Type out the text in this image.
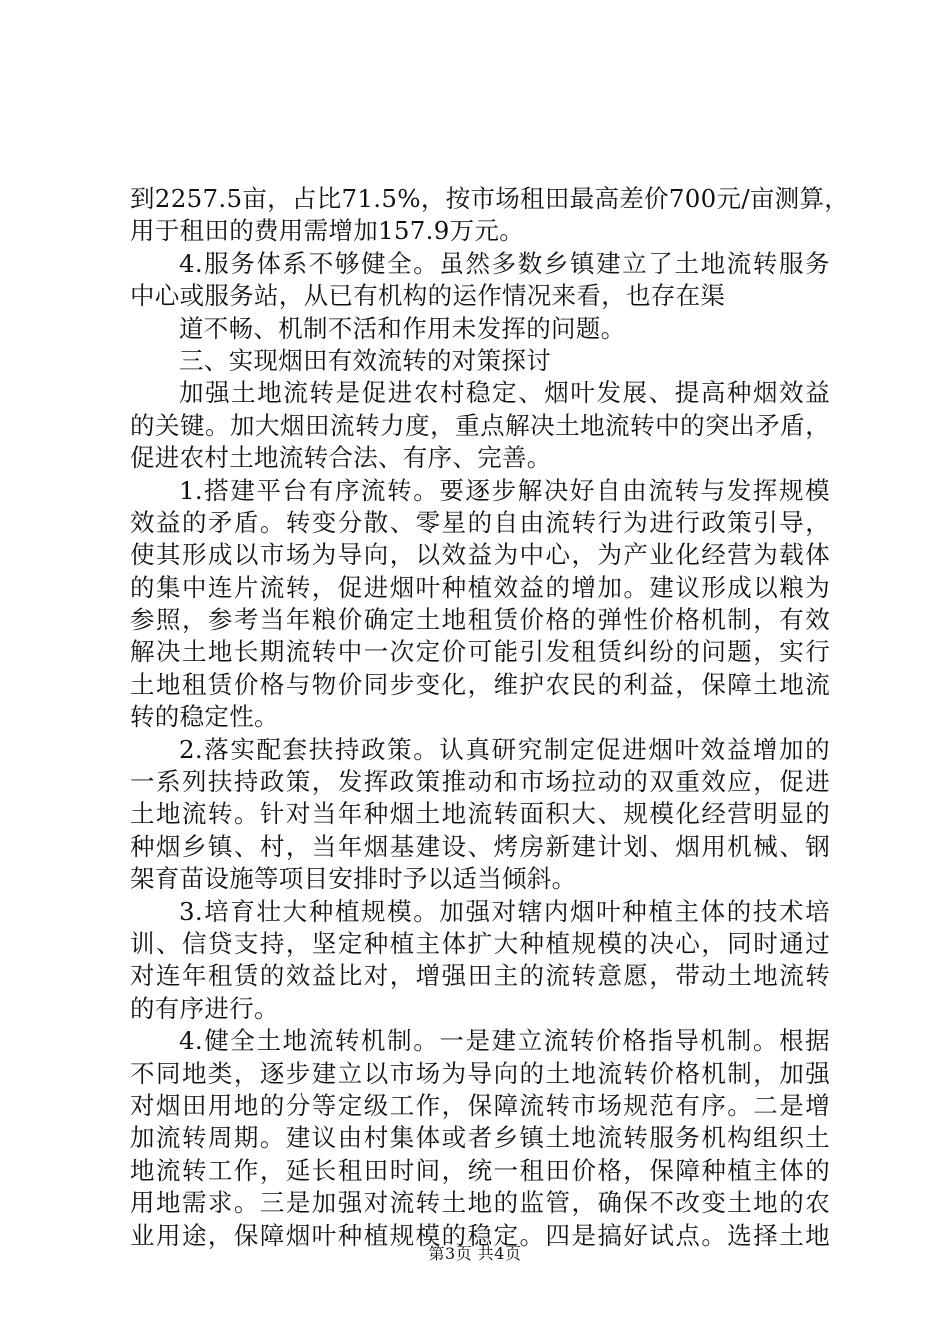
到2257.5亩，占比71.5%，按市场租田最高差价700元/亩测算，
用于租田的费用需增加157.9万元。
4.服务体系不够健全。虽然多数乡镇建立了土地流转服务
中心或服务站，从已有机构的运作情况来看，也存在渠
道不畅、机制不活和作用未发挥的问题。
三、实现烟田有效流转的对策探讨
加强土地流转是促进农村稳定、烟叶发展、提高种烟效益
的关键。加大烟田流转力度，重点解决土地流转中的突出矛盾，
促进农村土地流转合法、有序、完善。
1.搭建平台有序流转。要逐步解决好自由流转与发挥规模
效益的矛盾。转变分散、零星的自由流转行为进行政策引导，
使其形成以市场为导向，以效益为中心，为产业化经营为载体
的集中连片流转，促进烟叶种植效益的增加。建议形成以粮为
参照，参考当年粮价确定土地租赁价格的弹性价格机制，有效
解决土地长期流转中一次定价可能引发租赁纠纷的问题，实行
土地租赁价格与物价同步变化，维护农民的利益，保障土地流
转的稳定性。
2.落实配套扶持政策。认真研究制定促进烟叶效益增加的
一系列扶持政策，发挥政策推动和市场拉动的双重效应，促进
土地流转。针对当年种烟土地流转面积大、规模化经营明显的
种烟乡镇、村，当年烟基建设、烤房新建计划、烟用机械、钢
架育苗设施等项目安排时予以适当倾斜。
3.培育壮大种植规模。加强对辖内烟叶种植主体的技术培
训、信贷支持，坚定种植主体扩大种植规模的决心，同时通过
对连年租赁的效益比对，增强田主的流转意愿，带动土地流转
的有序进行。
4.健全土地流转机制。一是建立流转价格指导机制。根据
不同地类，逐步建立以市场为导向的土地流转价格机制，加强
对烟田用地的分等定级工作，保障流转市场规范有序。二是增
加流转周期。建议由村集体或者乡镇土地流转服务机构组织土
地流转工作，延长租田时间，统一租田价格，保障种植主体的
用地需求。三是加强对流转土地的监管，确保不改变土地的农
业用途，保障烟叶种植规模的稳定。四是搞好试点。选择土地
第3页 共4页
